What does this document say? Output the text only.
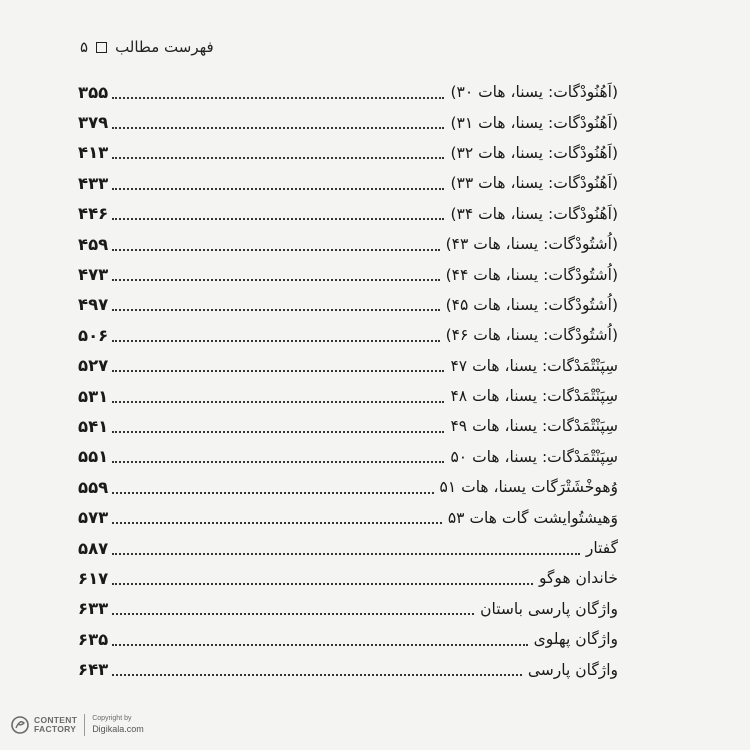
۵ فهرست مطالب
(اَهُنُودْگات: یسنا، هات ۳۰)
۳۵۵
(اَهُنُودْگات: یسنا، هات ۳۱)
۳۷۹
(اَهُنُودْگات: یسنا، هات ۳۲)
۴۱۳
(اَهُنُودْگات: یسنا، هات ۳۳)
۴۳۳
(اَهُنُودْگات: یسنا، هات ۳۴)
۴۴۶
(اُشتُودْگات: یسنا، هات ۴۳)
۴۵۹
(اُشتُودْگات: یسنا، هات ۴۴)
۴۷۳
(اُشتُودْگات: یسنا، هات ۴۵)
۴۹۷
(اُشتُودْگات: یسنا، هات ۴۶)
۵۰۶
سِپَنْتْمَدْگات: یسنا، هات ۴۷
۵۲۷
سِپَنْتْمَدْگات: یسنا، هات ۴۸
۵۳۱
سِپَنْتْمَدْگات: یسنا، هات ۴۹
۵۴۱
سِپَنْتْمَدْگات: یسنا، هات ۵۰
۵۵۱
وُهوخْشَتْرَگات یسنا، هات ۵۱
۵۵۹
وَهیشتُوایشت گات هات ۵۳
۵۷۳
گفتار
۵۸۷
خاندان هوگو
۶۱۷
واژگان پارسی باستان
۶۳۳
واژگان پهلوی
۶۳۵
واژگان پارسی
۶۴۳
CONTENT
FACTORY
Copyright by
Digikala.com
